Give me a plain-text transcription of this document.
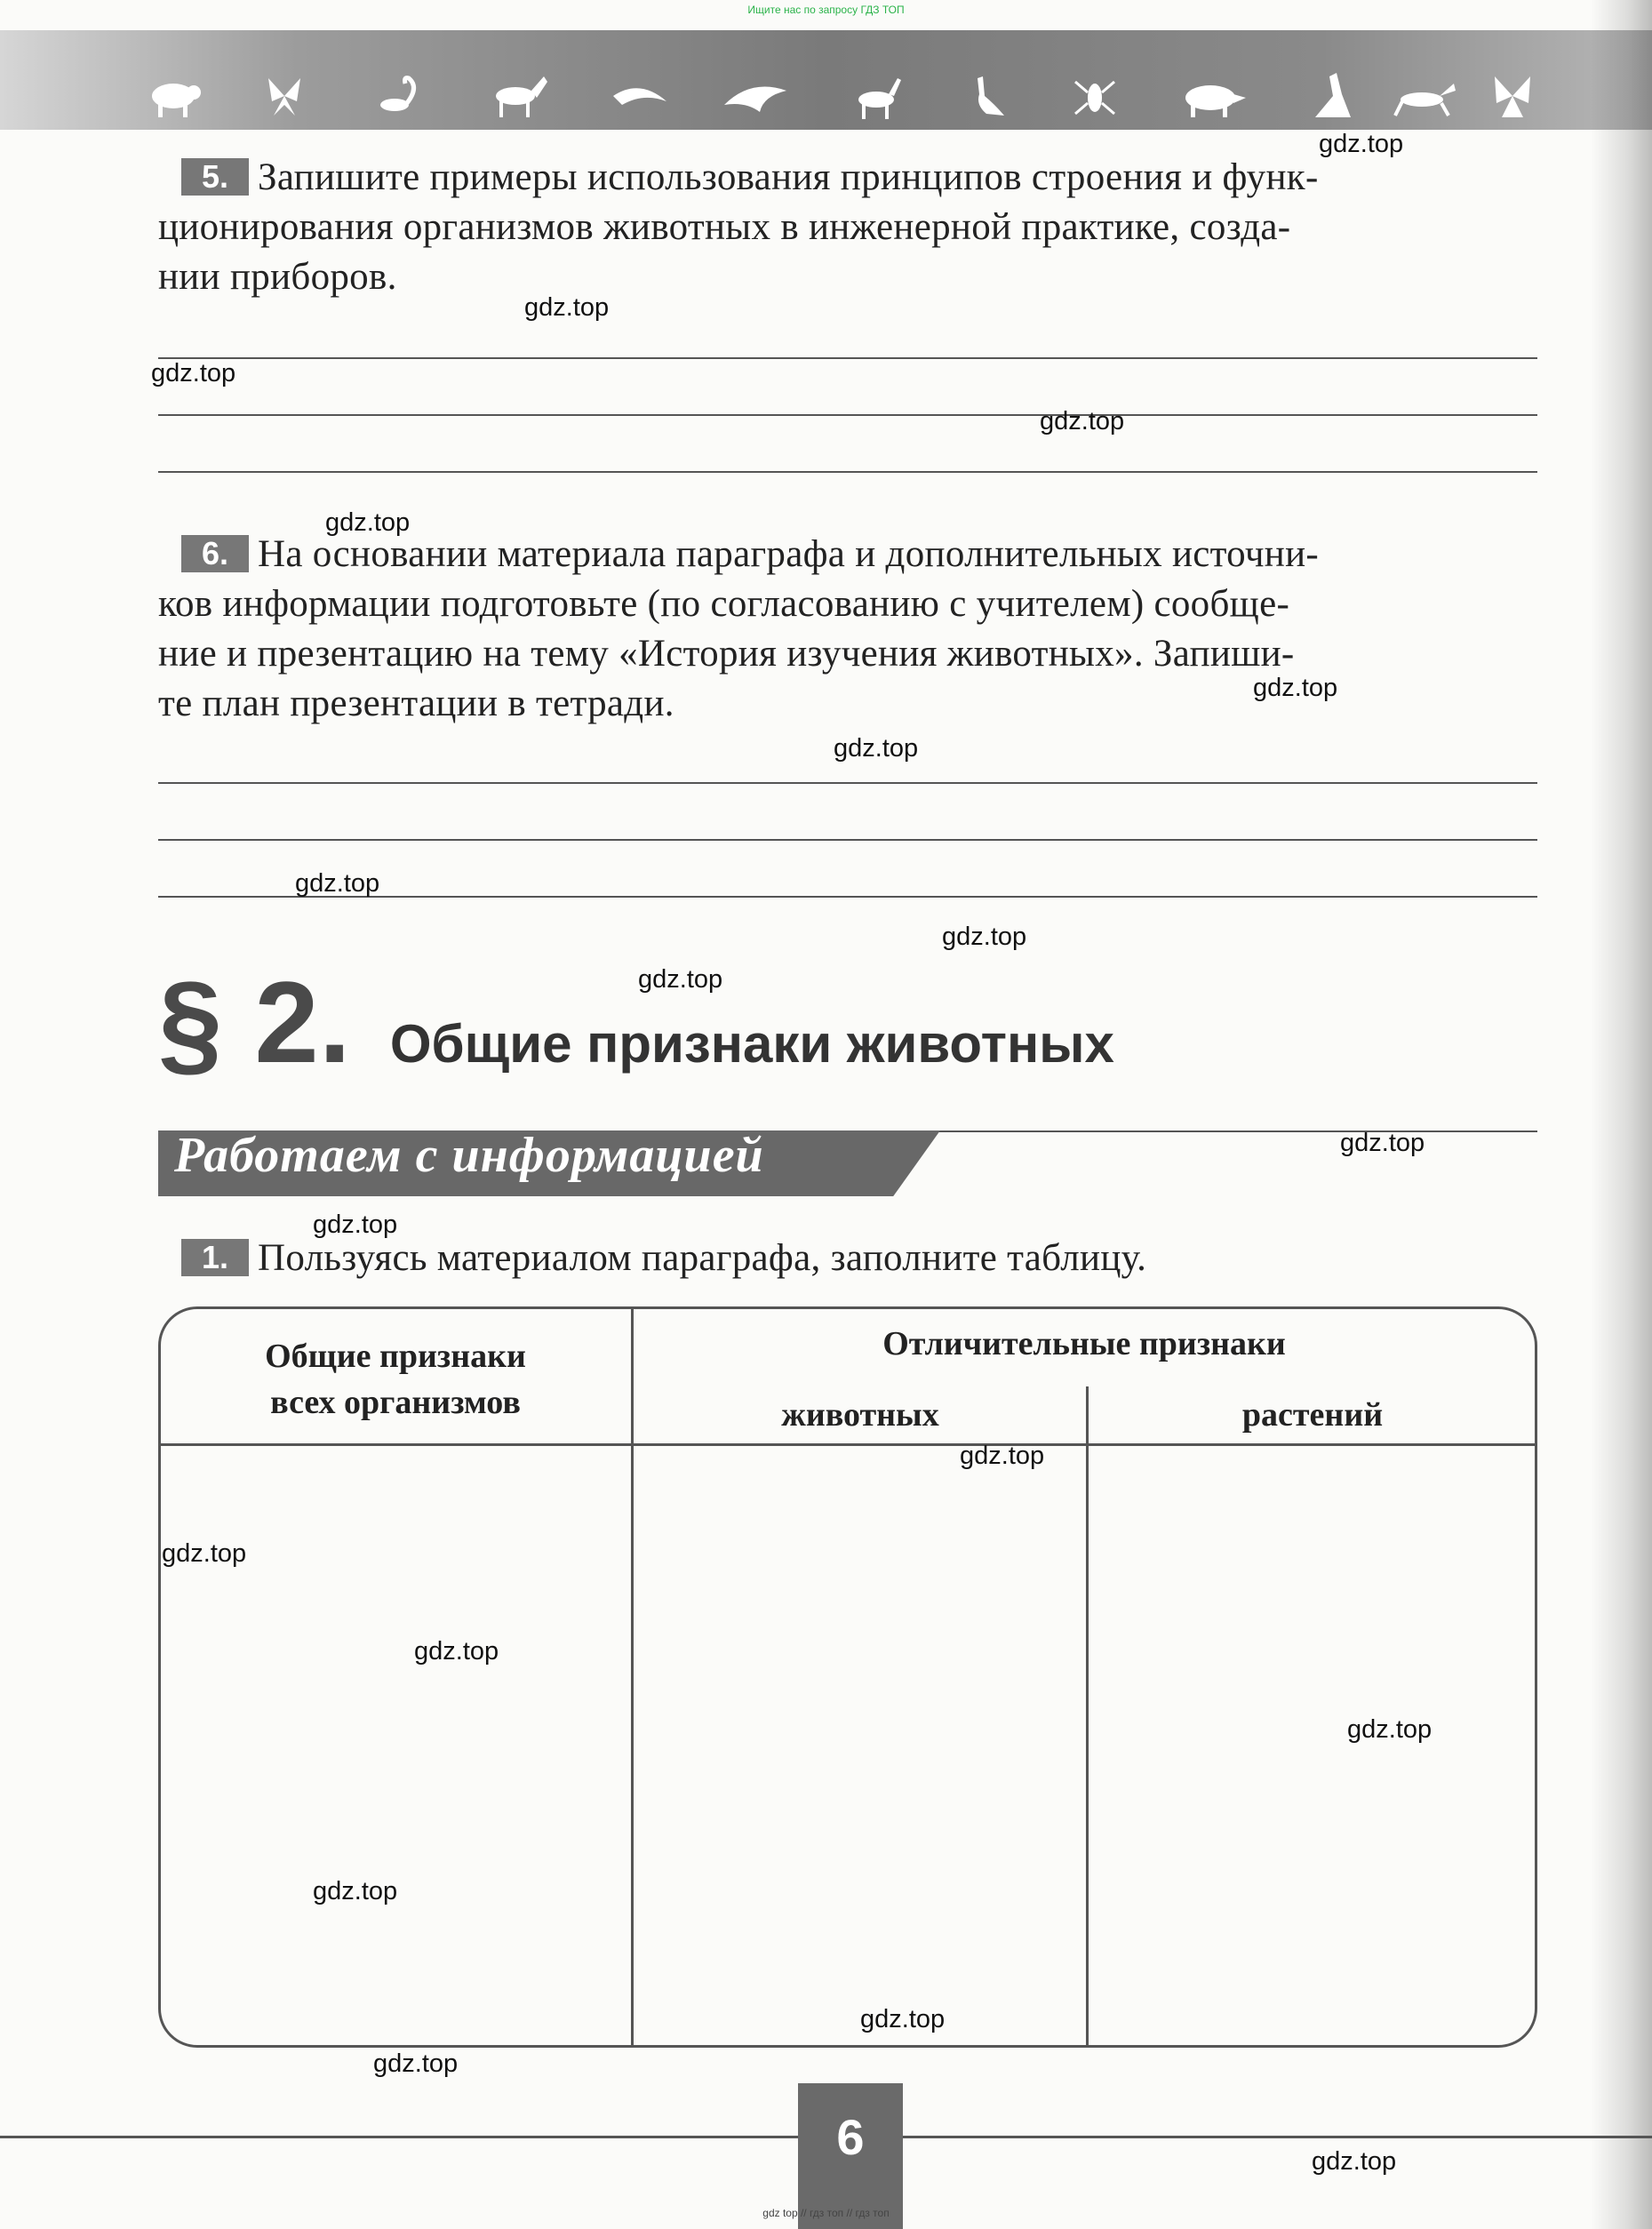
Ищите нас по запросу ГДЗ ТОП
5. Запишите примеры использования принципов строения и функ-
ционирования организмов животных в инженерной практике, созда-
нии приборов.
6. На основании материала параграфа и дополнительных источни-
ков информации подготовьте (по согласованию с учителем) сообще-
ние и презентацию на тему «История изучения животных». Запиши-
те план презентации в тетради.
§ 2. Общие признаки животных
Работаем с информацией
1. Пользуясь материалом параграфа, заполните таблицу.
Общие признаки
всех организмов
Отличительные признаки
животных	растений
6
gdz top // гдз топ // гдз топ
gdz.top
gdz.top
gdz.top
gdz.top
gdz.top
gdz.top
gdz.top
gdz.top
gdz.top
gdz.top
gdz.top
gdz.top
gdz.top
gdz.top
gdz.top
gdz.top
gdz.top
gdz.top
gdz.top
gdz.top
